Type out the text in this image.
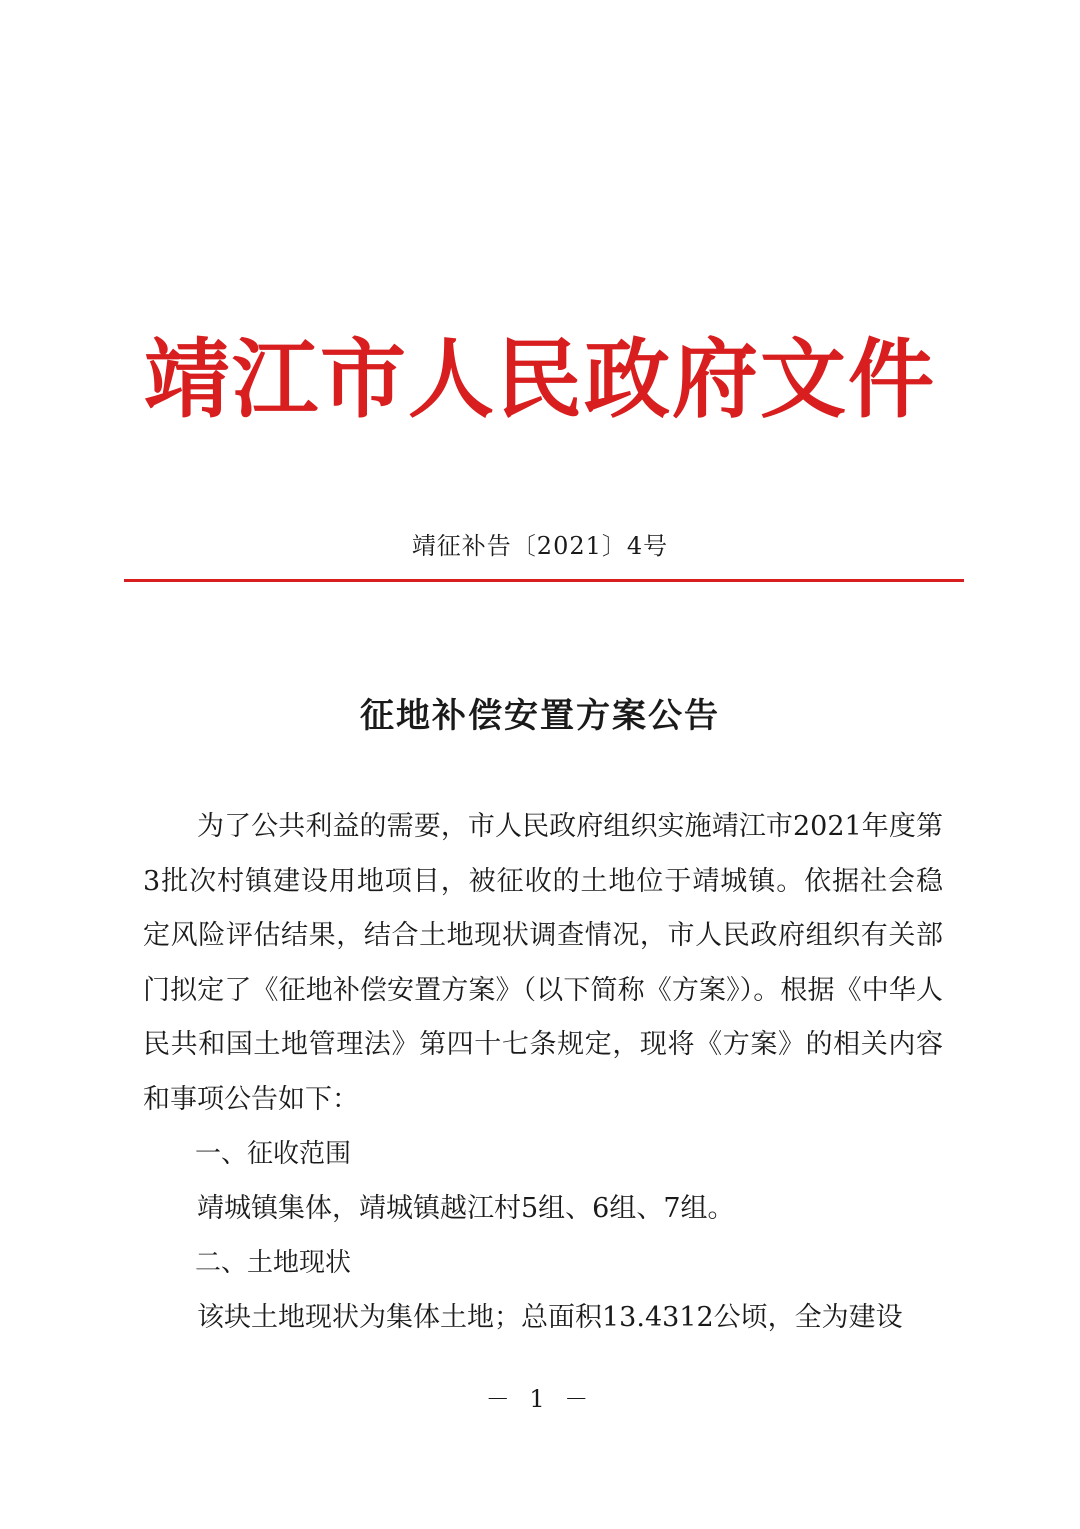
靖江市人民政府文件
靖征补告〔2021〕4号
征地补偿安置方案公告

为了公共利益的需要，市人民政府组织实施靖江市2021年度第3批次村镇建设用地项目，被征收的土地位于靖城镇。依据社会稳定风险评估结果，结合土地现状调查情况，市人民政府组织有关部门拟定了《征地补偿安置方案》（以下简称《方案》）。根据《中华人民共和国土地管理法》第四十七条规定，现将《方案》的相关内容和事项公告如下：

一、征收范围

靖城镇集体，靖城镇越江村5组、6组、7组。

二、土地现状

该块土地现状为集体土地；总面积13.4312公顷，全为建设

－ 1 －
